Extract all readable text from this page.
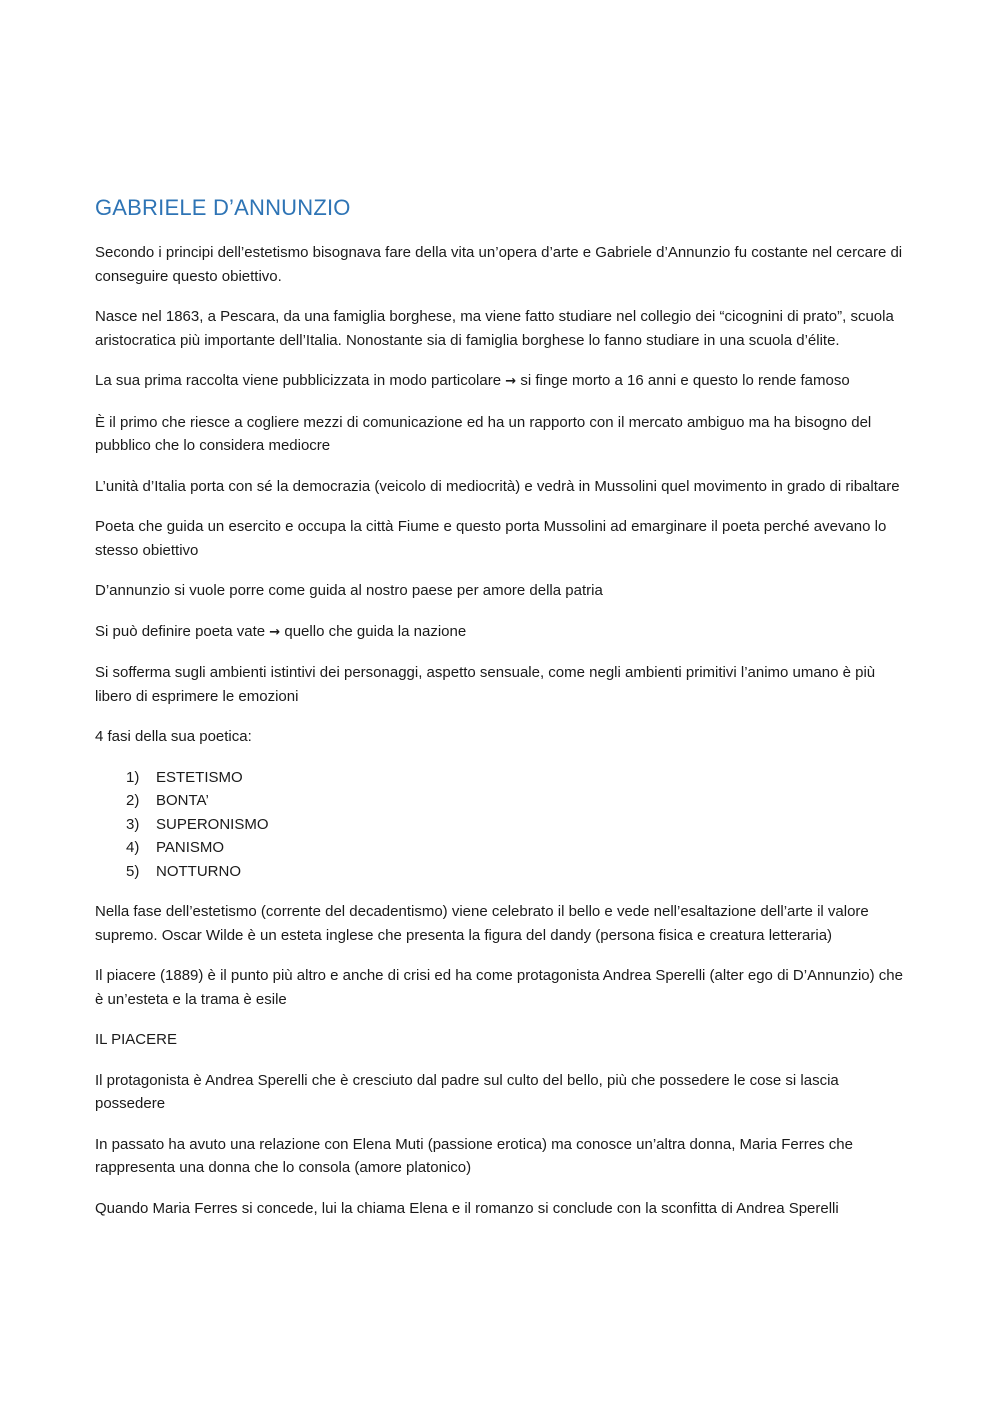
GABRIELE D’ANNUNZIO

Secondo i principi dell’estetismo bisognava fare della vita un’opera d’arte e Gabriele d’Annunzio fu costante nel cercare di conseguire questo obiettivo.

Nasce nel 1863, a Pescara, da una famiglia borghese, ma viene fatto studiare nel collegio dei “cicognini di prato”, scuola aristocratica più importante dell’Italia. Nonostante sia di famiglia borghese lo fanno studiare in una scuola d’élite.

La sua prima raccolta viene pubblicizzata in modo particolare → si finge morto a 16 anni e questo lo rende famoso

È il primo che riesce a cogliere mezzi di comunicazione ed ha un rapporto con il mercato ambiguo ma ha bisogno del pubblico che lo considera mediocre

L’unità d’Italia porta con sé la democrazia (veicolo di mediocrità) e vedrà in Mussolini quel movimento in grado di ribaltare

Poeta che guida un esercito e occupa la città Fiume e questo porta Mussolini ad emarginare il poeta perché avevano lo stesso obiettivo

D’annunzio si vuole porre come guida al nostro paese per amore della patria

Si può definire poeta vate → quello che guida la nazione

Si sofferma sugli ambienti istintivi dei personaggi, aspetto sensuale, come negli ambienti primitivi l’animo umano è più libero di esprimere le emozioni

4 fasi della sua poetica:

1)	ESTETISMO
2)	BONTA’
3)	SUPERONISMO
4)	PANISMO
5)	NOTTURNO

Nella fase dell’estetismo (corrente del decadentismo) viene celebrato il bello e vede nell’esaltazione dell’arte il valore supremo. Oscar Wilde è un esteta inglese che presenta la figura del dandy (persona fisica e creatura letteraria)

Il piacere (1889) è il punto più altro e anche di crisi ed ha come protagonista Andrea Sperelli (alter ego di D’Annunzio) che è un’esteta e la trama è esile

IL PIACERE

Il protagonista è Andrea Sperelli che è cresciuto dal padre sul culto del bello, più che possedere le cose si lascia possedere

In passato ha avuto una relazione con Elena Muti (passione erotica) ma conosce un’altra donna, Maria Ferres che rappresenta una donna che lo consola (amore platonico)

Quando Maria Ferres si concede, lui la chiama Elena e il romanzo si conclude con la sconfitta di Andrea Sperelli
